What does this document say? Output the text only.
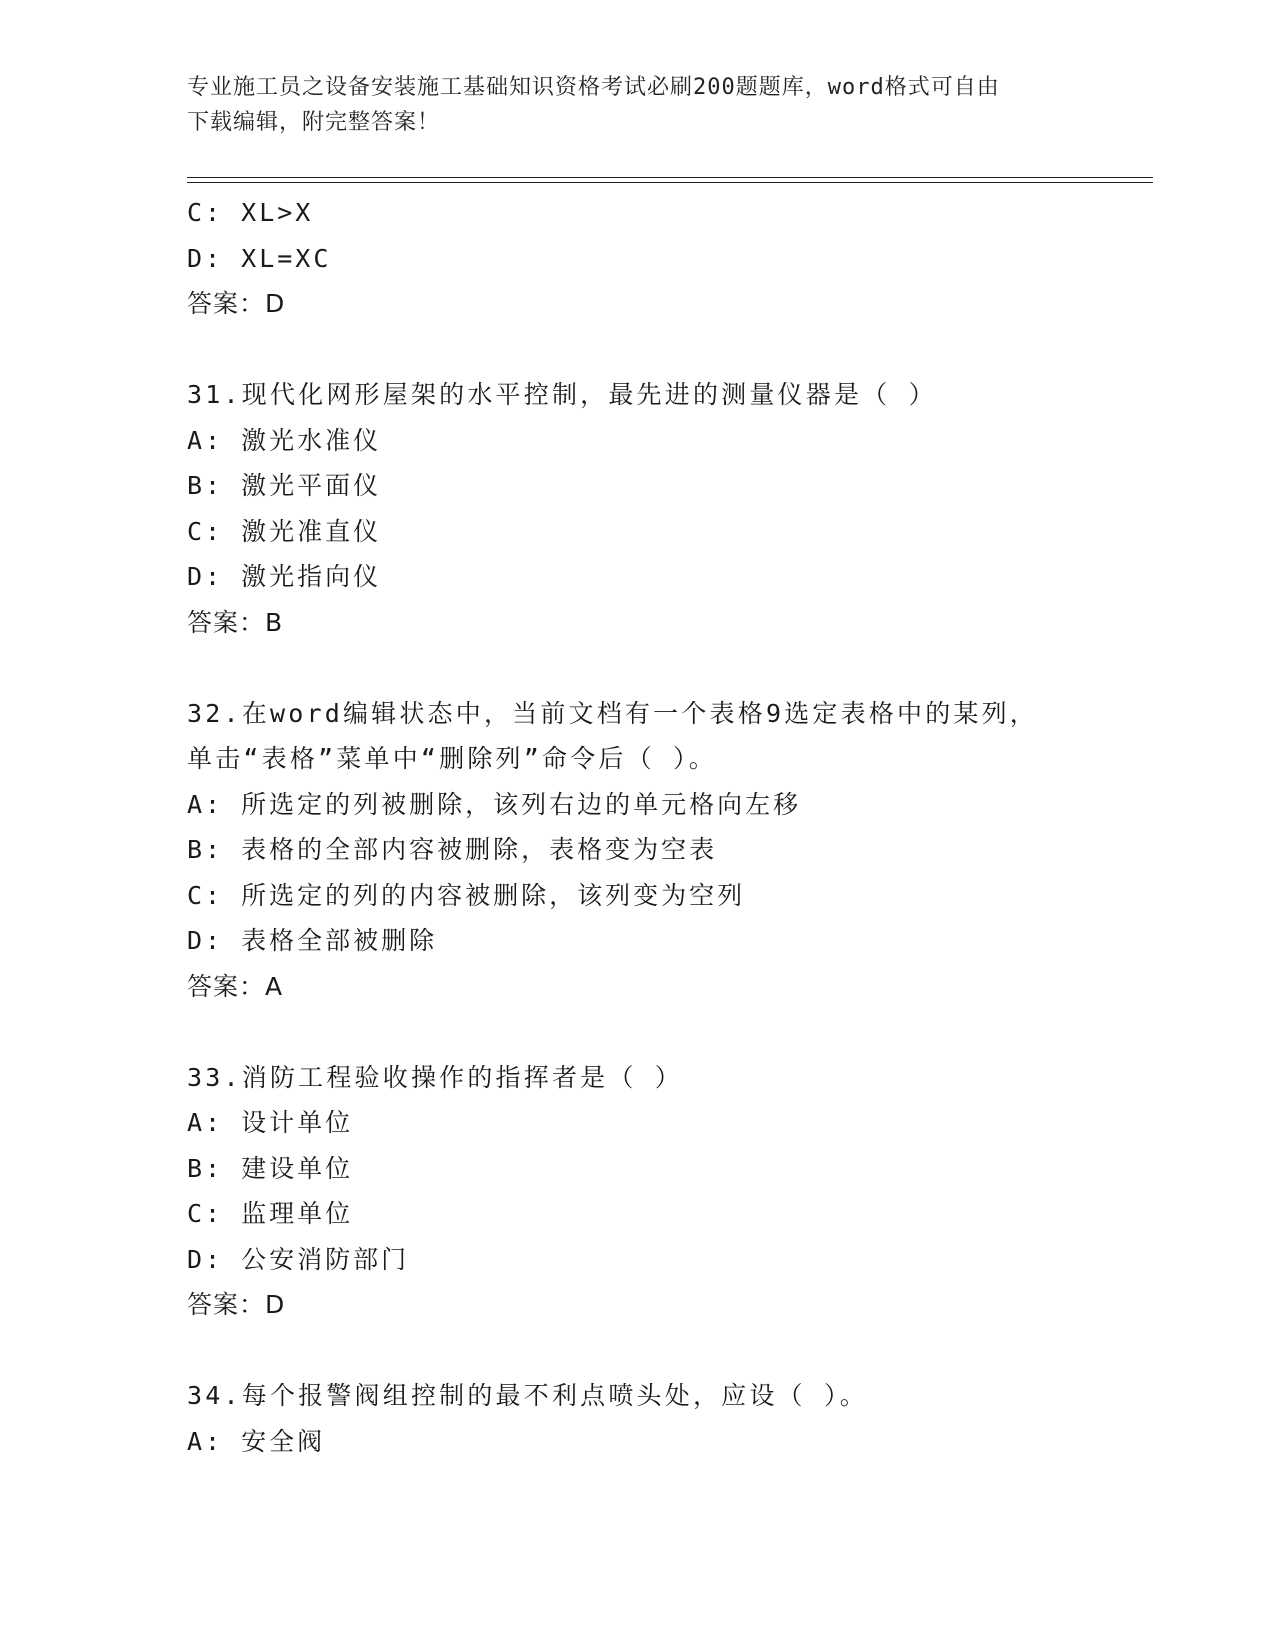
专业施工员之设备安装施工基础知识资格考试必刷200题题库，word格式可自由
下载编辑，附完整答案！
C: XL>X
D: XL=XC
答案：D
31.现代化网形屋架的水平控制，最先进的测量仪器是（ ）
A: 激光水准仪
B: 激光平面仪
C: 激光准直仪
D: 激光指向仪
答案：B
32.在word编辑状态中，当前文档有一个表格9选定表格中的某列，
单击“表格”菜单中“删除列”命令后（ ）。
A: 所选定的列被删除，该列右边的单元格向左移
B: 表格的全部内容被删除，表格变为空表
C: 所选定的列的内容被删除，该列变为空列
D: 表格全部被删除
答案：A
33.消防工程验收操作的指挥者是（ ）
A: 设计单位
B: 建设单位
C: 监理单位
D: 公安消防部门
答案：D
34.每个报警阀组控制的最不利点喷头处，应设（ ）。
A: 安全阀
